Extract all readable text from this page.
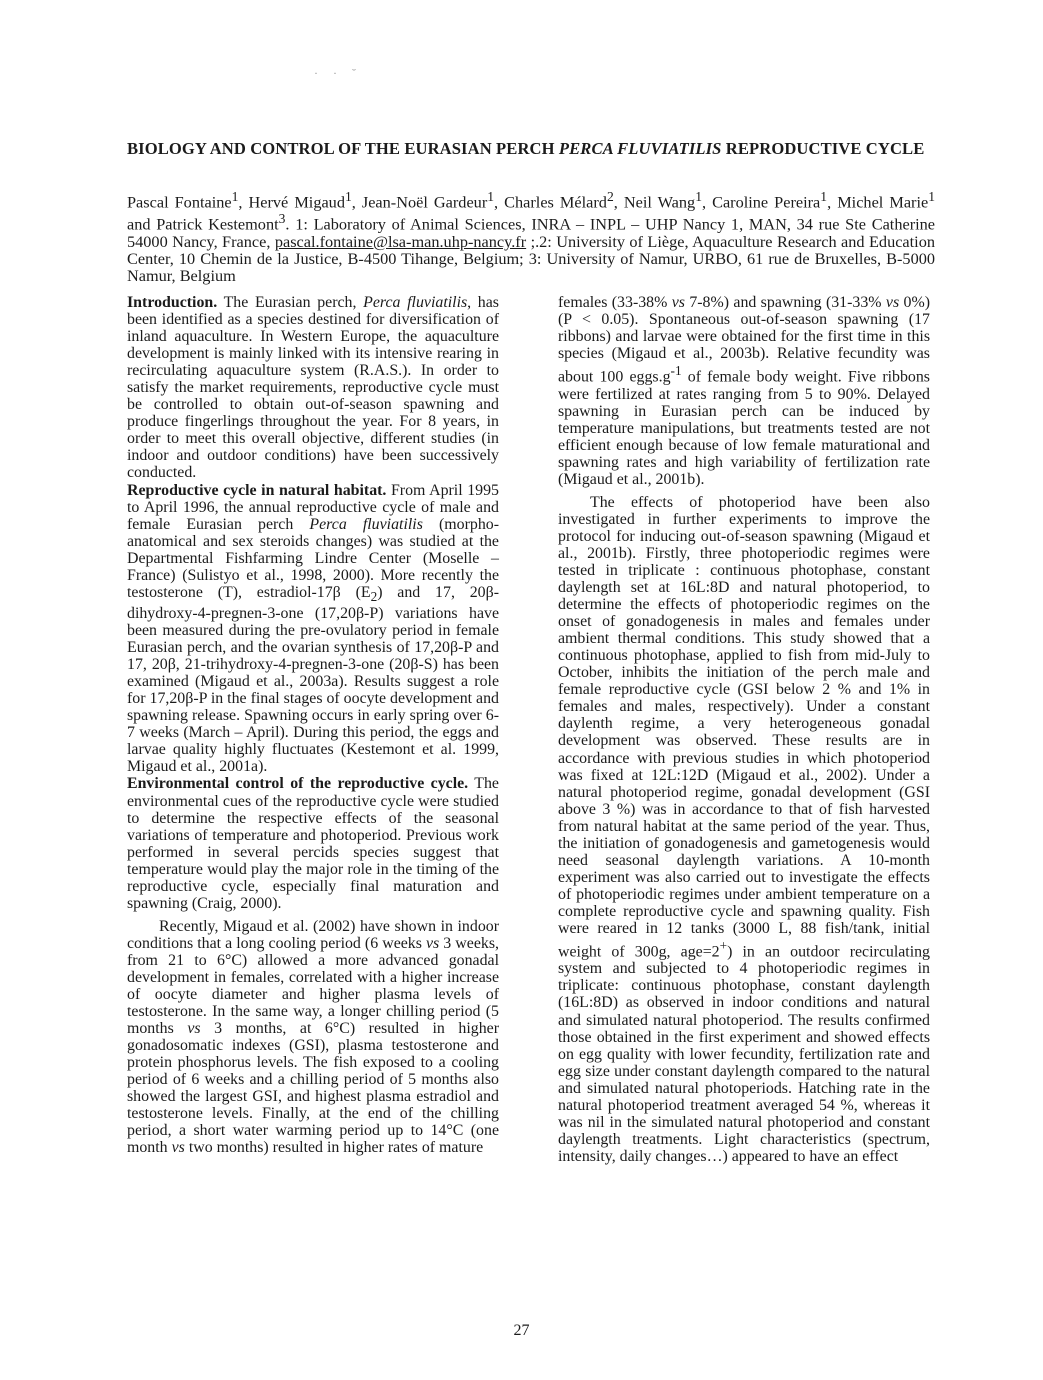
· · ˘
BIOLOGY AND CONTROL OF THE EURASIAN PERCH PERCA FLUVIATILIS REPRODUCTIVE CYCLE
Pascal Fontaine$^1$, Hervé Migaud$^1$, Jean-Noël Gardeur$^1$, Charles Mélard$^2$, Neil Wang$^1$, Caroline Pereira$^1$, Michel Marie$^1$ and Patrick Kestemont$^3$. 1: Laboratory of Animal Sciences, INRA – INPL – UHP Nancy 1, MAN, 34 rue Ste Catherine 54000 Nancy, France, pascal.fontaine@lsa-man.uhp-nancy.fr ;.2: University of Liège, Aquaculture Research and Education Center, 10 Chemin de la Justice, B-4500 Tihange, Belgium; 3: University of Namur, URBO, 61 rue de Bruxelles, B-5000 Namur, Belgium

Introduction. The Eurasian perch, Perca fluviatilis, has been identified as a species destined for diversification of inland aquaculture. In Western Europe, the aquaculture development is mainly linked with its intensive rearing in recirculating aquaculture system (R.A.S.). In order to satisfy the market requirements, reproductive cycle must be controlled to obtain out-of-season spawning and produce fingerlings throughout the year. For 8 years, in order to meet this overall objective, different studies (in indoor and outdoor conditions) have been successively conducted.

Reproductive cycle in natural habitat. From April 1995 to April 1996, the annual reproductive cycle of male and female Eurasian perch Perca fluviatilis (morpho-anatomical and sex steroids changes) was studied at the Departmental Fishfarming Lindre Center (Moselle – France) (Sulistyo et al., 1998, 2000). More recently the testosterone (T), estradiol-17β $(E_2)$ and 17, 20β-dihydroxy-4-pregnen-3-one (17,20β-P) variations have been measured during the pre-ovulatory period in female Eurasian perch, and the ovarian synthesis of 17,20β-P and 17, 20β, 21-trihydroxy-4-pregnen-3-one (20β-S) has been examined (Migaud et al., 2003a). Results suggest a role for 17,20β-P in the final stages of oocyte development and spawning release. Spawning occurs in early spring over 6-7 weeks (March – April). During this period, the eggs and larvae quality highly fluctuates (Kestemont et al. 1999, Migaud et al., 2001a).

Environmental control of the reproductive cycle. The environmental cues of the reproductive cycle were studied to determine the respective effects of the seasonal variations of temperature and photoperiod. Previous work performed in several percids species suggest that temperature would play the major role in the timing of the reproductive cycle, especially final maturation and spawning (Craig, 2000).

Recently, Migaud et al. (2002) have shown in indoor conditions that a long cooling period (6 weeks vs 3 weeks, from 21 to 6°C) allowed a more advanced gonadal development in females, correlated with a higher increase of oocyte diameter and higher plasma levels of testosterone. In the same way, a longer chilling period (5 months vs 3 months, at 6°C) resulted in higher gonadosomatic indexes (GSI), plasma testosterone and protein phosphorus levels. The fish exposed to a cooling period of 6 weeks and a chilling period of 5 months also showed the largest GSI, and highest plasma estradiol and testosterone levels. Finally, at the end of the chilling period, a short water warming period up to 14°C (one month vs two months) resulted in higher rates of mature

females (33-38% vs 7-8%) and spawning (31-33% vs 0%) (P < 0.05). Spontaneous out-of-season spawning (17 ribbons) and larvae were obtained for the first time in this species (Migaud et al., 2003b). Relative fecundity was about 100 $eggs.g^{-1}$ of female body weight. Five ribbons were fertilized at rates ranging from 5 to 90%. Delayed spawning in Eurasian perch can be induced by temperature manipulations, but treatments tested are not efficient enough because of low female maturational and spawning rates and high variability of fertilization rate (Migaud et al., 2001b).

The effects of photoperiod have been also investigated in further experiments to improve the protocol for inducing out-of-season spawning (Migaud et al., 2001b). Firstly, three photoperiodic regimes were tested in triplicate : continuous photophase, constant daylength set at 16L:8D and natural photoperiod, to determine the effects of photoperiodic regimes on the onset of gonadogenesis in males and females under ambient thermal conditions. This study showed that a continuous photophase, applied to fish from mid-July to October, inhibits the initiation of the perch male and female reproductive cycle (GSI below 2 % and 1% in females and males, respectively). Under a constant daylenth regime, a very heterogeneous gonadal development was observed. These results are in accordance with previous studies in which photoperiod was fixed at 12L:12D (Migaud et al., 2002). Under a natural photoperiod regime, gonadal development (GSI above 3 %) was in accordance to that of fish harvested from natural habitat at the same period of the year. Thus, the initiation of gonadogenesis and gametogenesis would need seasonal daylength variations. A 10-month experiment was also carried out to investigate the effects of photoperiodic regimes under ambient temperature on a complete reproductive cycle and spawning quality. Fish were reared in 12 tanks (3000 L, 88 fish/tank, initial weight of 300g, age=2+) in an outdoor recirculating system and subjected to 4 photoperiodic regimes in triplicate: continuous photophase, constant daylength (16L:8D) as observed in indoor conditions and natural and simulated natural photoperiod. The results confirmed those obtained in the first experiment and showed effects on egg quality with lower fecundity, fertilization rate and egg size under constant daylength compared to the natural and simulated natural photoperiods. Hatching rate in the natural photoperiod treatment averaged 54 %, whereas it was nil in the simulated natural photoperiod and constant daylength treatments. Light characteristics (spectrum, intensity, daily changes…) appeared to have an effect

27
